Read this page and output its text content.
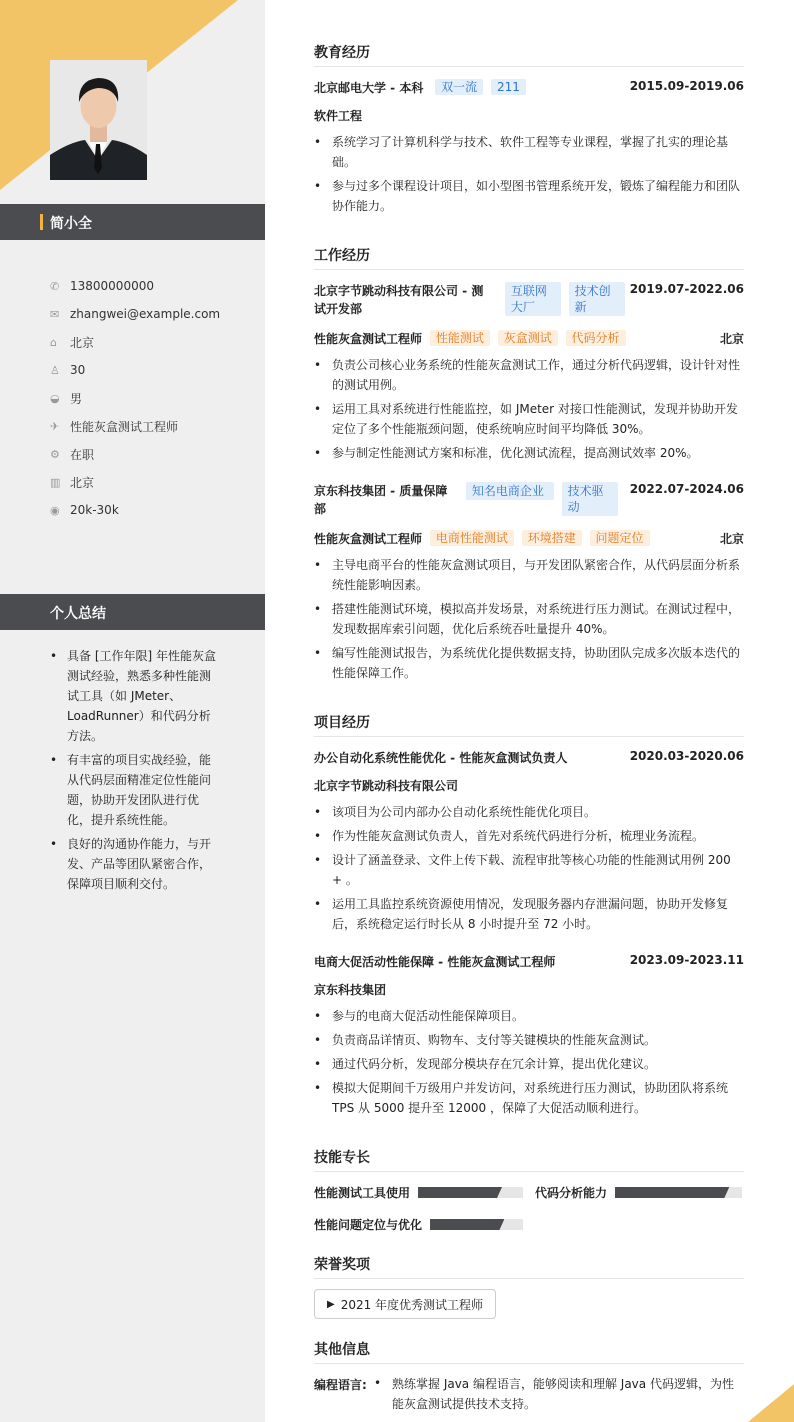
简小全
✆ 13800000000
✉ zhangwei@example.com
⌂	北京
♙ 30
◒ 男
✈ 性能灰盒测试工程师
⚙ 在职
▥ 北京
◉ 20k-30k
个人总结
• 具备 [工作年限] 年性能灰盒测试经验，熟悉多种性能测试工具（如 JMeter、LoadRunner）和代码分析方法。
• 有丰富的项目实战经验，能从代码层面精准定位性能问题，协助开发团队进行优化，提升系统性能。
• 良好的沟通协作能力，与开发、产品等团队紧密合作，保障项目顺利交付。
教育经历
北京邮电大学 - 本科 双一流 211	2015.09-2019.06
软件工程
• 系统学习了计算机科学与技术、软件工程等专业课程，掌握了扎实的理论基础。
• 参与过多个课程设计项目，如小型图书管理系统开发，锻炼了编程能力和团队协作能力。
工作经历
北京字节跳动科技有限公司 - 测试开发部 互联网大厂 技术创新
2019.07-2022.06
性能灰盒测试工程师 性能测试 灰盒测试 代码分析	北京
• 负责公司核心业务系统的性能灰盒测试工作，通过分析代码逻辑，设计针对性的测试用例。
• 运用工具对系统进行性能监控，如 JMeter 对接口性能测试，发现并协助开发定位了多个性能瓶颈问题，使系统响应时间平均降低 30%。
• 参与制定性能测试方案和标准，优化测试流程，提高测试效率 20%。
京东科技集团 - 质量保障部 知名电商企业 技术驱动
2022.07-2024.06
性能灰盒测试工程师 电商性能测试 环境搭建 问题定位	北京
• 主导电商平台的性能灰盒测试项目，与开发团队紧密合作，从代码层面分析系统性能影响因素。
• 搭建性能测试环境，模拟高并发场景，对系统进行压力测试。在测试过程中，发现数据库索引问题，优化后系统吞吐量提升 40%。
• 编写性能测试报告，为系统优化提供数据支持，协助团队完成多次版本迭代的性能保障工作。
项目经历
办公自动化系统性能优化 - 性能灰盒测试负责人	2020.03-2020.06
北京字节跳动科技有限公司
• 该项目为公司内部办公自动化系统性能优化项目。
• 作为性能灰盒测试负责人，首先对系统代码进行分析，梳理业务流程。
• 设计了涵盖登录、文件上传下载、流程审批等核心功能的性能测试用例 200 + 。
• 运用工具监控系统资源使用情况，发现服务器内存泄漏问题，协助开发修复后，系统稳定运行时长从 8 小时提升至 72 小时。
电商大促活动性能保障 - 性能灰盒测试工程师	2023.09-2023.11
京东科技集团
• 参与的电商大促活动性能保障项目。
• 负责商品详情页、购物车、支付等关键模块的性能灰盒测试。
• 通过代码分析，发现部分模块存在冗余计算，提出优化建议。
• 模拟大促期间千万级用户并发访问，对系统进行压力测试，协助团队将系统 TPS 从 5000 提升至 12000 ，保障了大促活动顺利进行。
技能专长
性能测试工具使用	代码分析能力
性能问题定位与优化
荣誉奖项
▶ 2021 年度优秀测试工程师
其他信息
编程语言: • 熟练掌握 Java 编程语言，能够阅读和理解 Java 代码逻辑，为性能灰盒测试提供技术支持。
